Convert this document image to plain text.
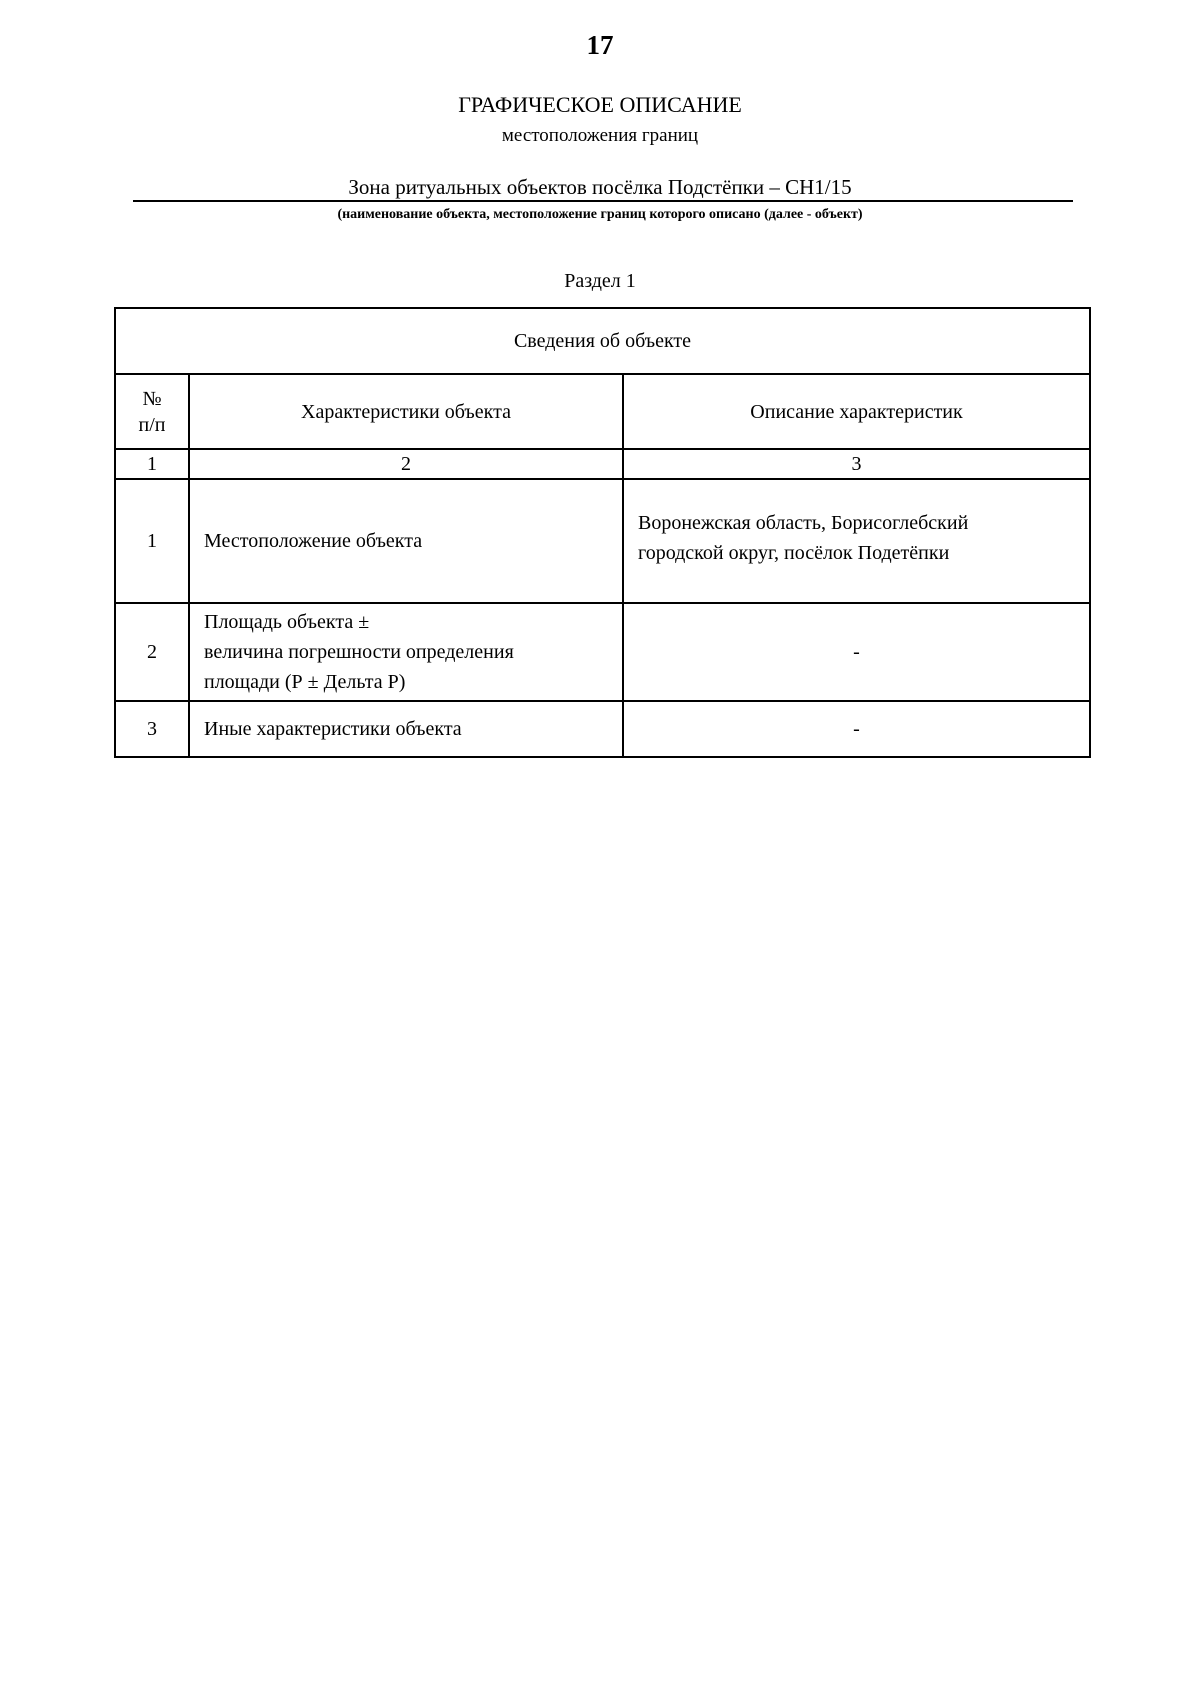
17
ГРАФИЧЕСКОЕ ОПИСАНИЕ
местоположения границ
Зона ритуальных объектов посёлка Подстёпки – СН1/15
(наименование объекта, местоположение границ которого описано (далее - объект)
Раздел 1
Сведения об объекте		

№
п/п	Характеристики объекта	Описание характеристик
1	2	3
1	Местоположение объекта	Воронежская область, Борисоглебский
городской округ, посёлок Подетёпки

2	Площадь объекта ±
величина погрешности определения
площади (Р ± Дельта Р)	-
3	Иные характеристики объекта	-
